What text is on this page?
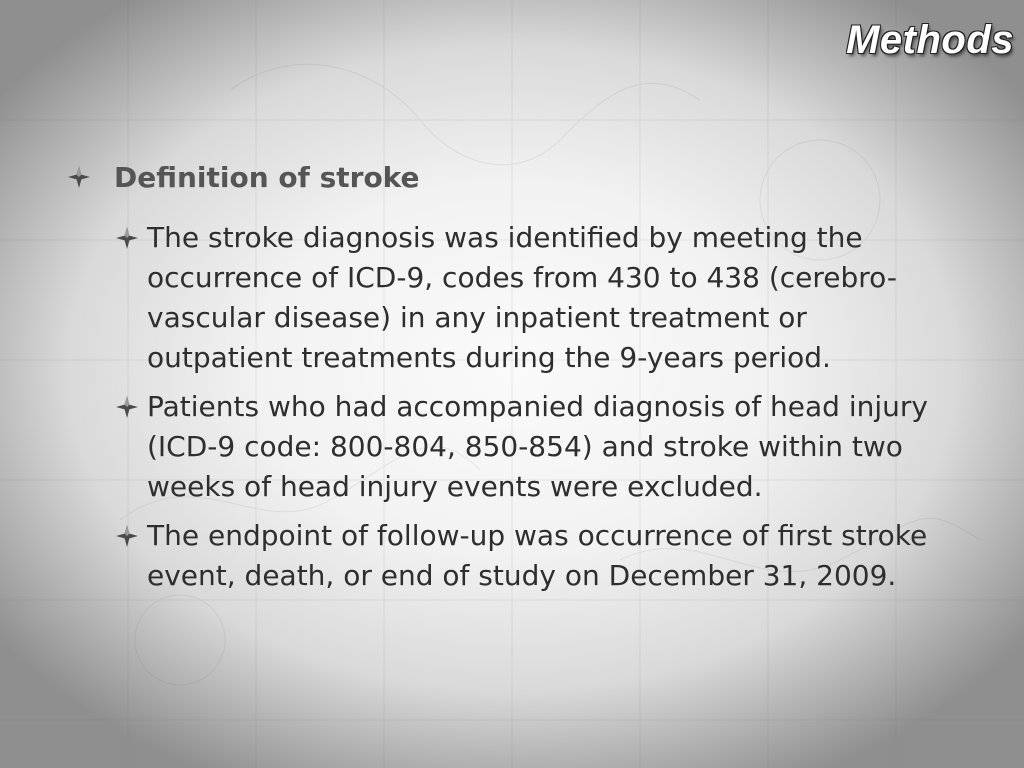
Methods
Definition of stroke
The stroke diagnosis was identified by meeting the occurrence of ICD-9, codes from 430 to 438 (cerebro-vascular disease) in any inpatient treatment or outpatient treatments during the 9-years period.
Patients who had accompanied diagnosis of head injury (ICD-9 code: 800-804, 850-854) and stroke within two weeks of head injury events were excluded.
The endpoint of follow-up was occurrence of first stroke event, death, or end of study on December 31, 2009.
